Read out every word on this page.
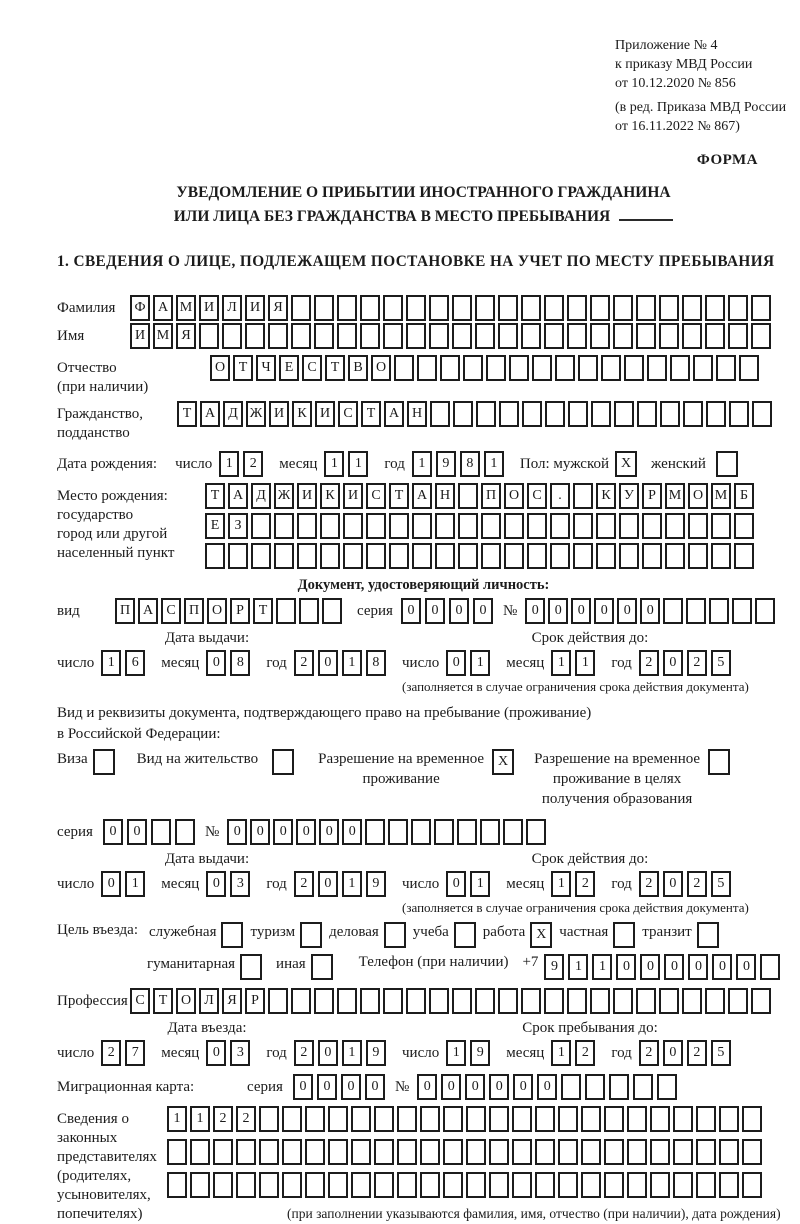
Приложение № 4
к приказу МВД России
от 10.12.2020 № 856
(в ред. Приказа МВД России
от 16.11.2022 № 867)
ФОРМА
УВЕДОМЛЕНИЕ О ПРИБЫТИИ ИНОСТРАННОГО ГРАЖДАНИНА
ИЛИ ЛИЦА БЕЗ ГРАЖДАНСТВА В МЕСТО ПРЕБЫВАНИЯ
1. СВЕДЕНИЯ О ЛИЦЕ, ПОДЛЕЖАЩЕМ ПОСТАНОВКЕ НА УЧЕТ ПО МЕСТУ ПРЕБЫВАНИЯ
Фамилия	Ф А М И Л И Я
Имя	И М Я
Отчество
(при наличии)
О Т	Ч	Е	С	Т	В О
Гражданство,
подданство
Т А Д Ж И К И С	Т А Н
Дата рождения: число 1	2	месяц 1	1	год 1	9	8	1	Пол: мужской X	женский
Место рождения:
государство
город или другой
населенный пункт
Т А Д Ж И К И С	Т А Н	П О С	.	К У	Р М О М Б
Е	З
Документ, удостоверяющий личность:
вид	П А С П О	Р	Т	серия	0	0	0	0	№	0	0	0	0	0	0
Дата выдачи:
число 1	6	месяц 0	8	год 2	0	1	8
Срок действия до:
число 0	1	месяц 1	1	год 2	0	2	5
(заполняется в случае ограничения срока действия документа)
Вид и реквизиты документа, подтверждающего право на пребывание (проживание)
в Российской Федерации:
Виза	Вид на жительство	Разрешение на временное
проживание
X	Разрешение на временное
проживание в целях
получения образования
серия	0	0	№	0	0	0	0	0	0
Дата выдачи:
число 0	1	месяц 0	3	год 2	0	1	9
Срок действия до:
число 0	1	месяц 1	2	год 2	0	2	5
(заполняется в случае ограничения срока действия документа)
Цель въезда: служебная туризм деловая учеба работа X частная транзит
гуманитарная	иная	Телефон (при наличии) +7 9	1	1	0	0	0	0	0	0
Профессия С	Т О Л Я	Р
Дата въезда:
число 2	7	месяц 0	3	год 2	0	1	9
Срок пребывания до:
число 1	9	месяц 1	2	год 2	0	2	5
Миграционная карта:	серия	0	0	0	0	№	0	0	0	0	0	0
Сведения о
законных
представителях
(родителях,
усыновителях,
попечителях)
1	1	2	2
(при заполнении указываются фамилия, имя, отчество (при наличии), дата рождения)
